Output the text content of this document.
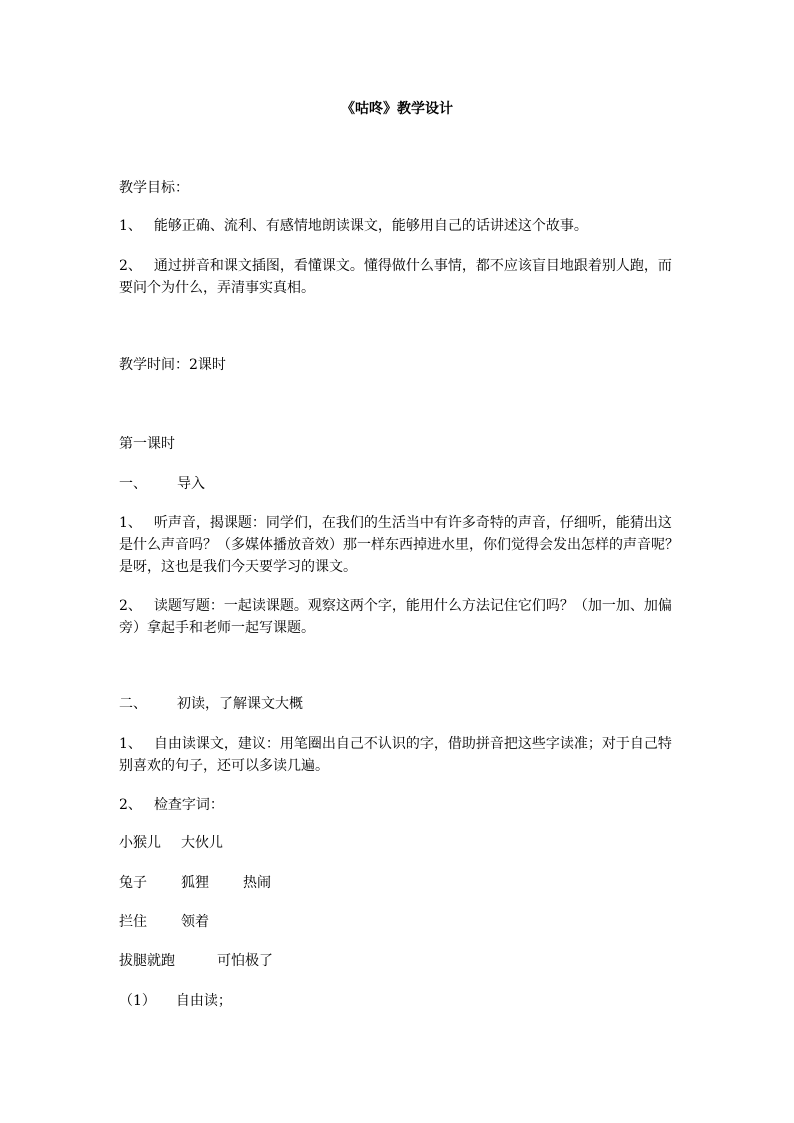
《咕咚》教学设计
教学目标：
1、 能够正确、流利、有感情地朗读课文，能够用自己的话讲述这个故事。
2、 通过拼音和课文插图，看懂课文。懂得做什么事情，都不应该盲目地跟着别人跑，而要问个为什么，弄清事实真相。
教学时间：2课时
第一课时
一、 导入
1、 听声音，揭课题：同学们，在我们的生活当中有许多奇特的声音，仔细听，能猜出这是什么声音吗？（多媒体播放音效）那一样东西掉进水里，你们觉得会发出怎样的声音呢？是呀，这也是我们今天要学习的课文。
2、 读题写题：一起读课题。观察这两个字，能用什么方法记住它们吗？（加一加、加偏旁）拿起手和老师一起写课题。
二、 初读，了解课文大概
1、 自由读课文，建议：用笔圈出自己不认识的字，借助拼音把这些字读准；对于自己特别喜欢的句子，还可以多读几遍。
2、 检查字词：
小猴儿 大伙儿
兔子 狐狸 热闹
拦住 领着
拔腿就跑	可怕极了
（1） 自由读；
